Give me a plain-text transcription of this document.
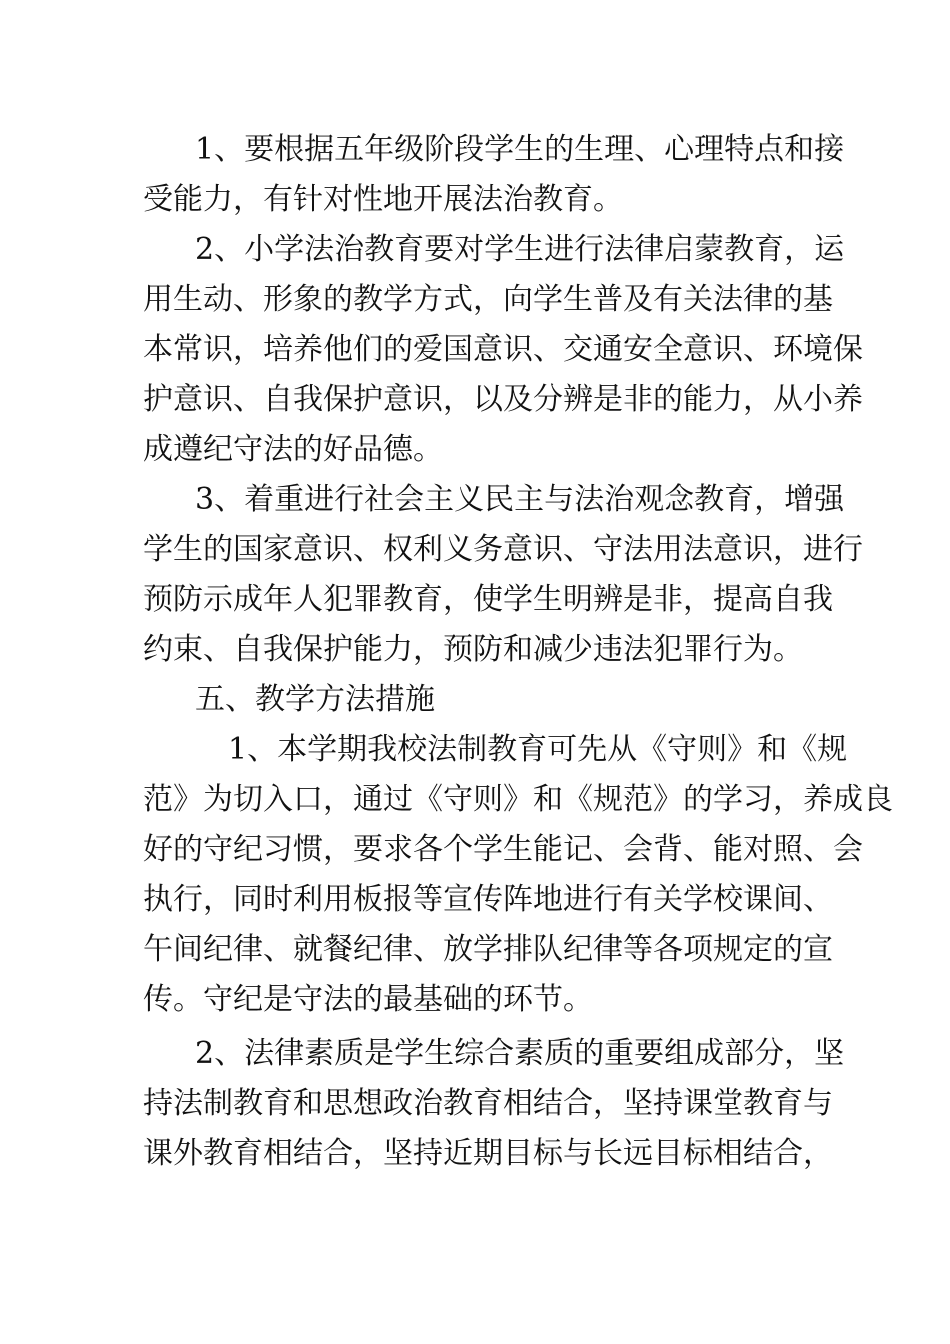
1、要根据五年级阶段学生的生理、心理特点和接
受能力，有针对性地开展法治教育。
2、小学法治教育要对学生进行法律启蒙教育，运
用生动、形象的教学方式，向学生普及有关法律的基
本常识，培养他们的爱国意识、交通安全意识、环境保
护意识、自我保护意识，以及分辨是非的能力，从小养
成遵纪守法的好品德。
3、着重进行社会主义民主与法治观念教育，增强
学生的国家意识、权利义务意识、守法用法意识，进行
预防示成年人犯罪教育，使学生明辨是非，提高自我
约束、自我保护能力，预防和减少违法犯罪行为。
五、教学方法措施
1、本学期我校法制教育可先从《守则》和《规
范》为切入口，通过《守则》和《规范》的学习，养成良
好的守纪习惯，要求各个学生能记、会背、能对照、会
执行，同时利用板报等宣传阵地进行有关学校课间、
午间纪律、就餐纪律、放学排队纪律等各项规定的宣
传。守纪是守法的最基础的环节。
2、法律素质是学生综合素质的重要组成部分，坚
持法制教育和思想政治教育相结合，坚持课堂教育与
课外教育相结合，坚持近期目标与长远目标相结合，
